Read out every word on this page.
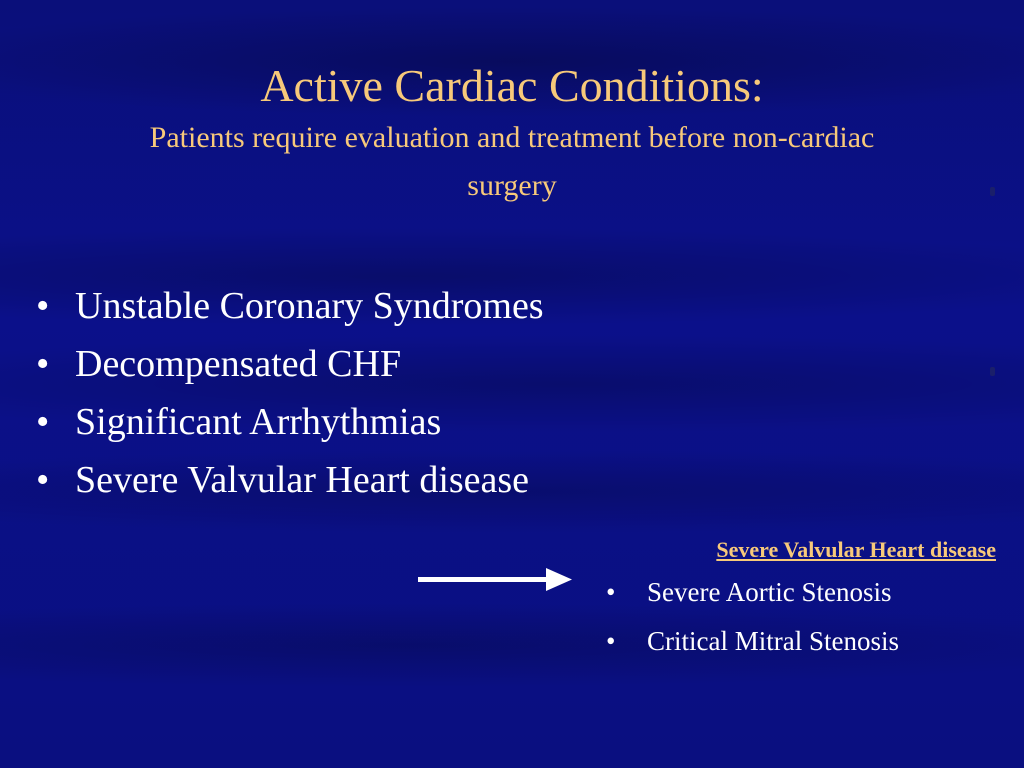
Active Cardiac Conditions:

Patients require evaluation and treatment before non-cardiac surgery

• Unstable Coronary Syndromes
• Decompensated CHF
• Significant Arrhythmias
• Severe Valvular Heart disease
Severe Valvular Heart disease
• Severe Aortic Stenosis
• Critical Mitral Stenosis
